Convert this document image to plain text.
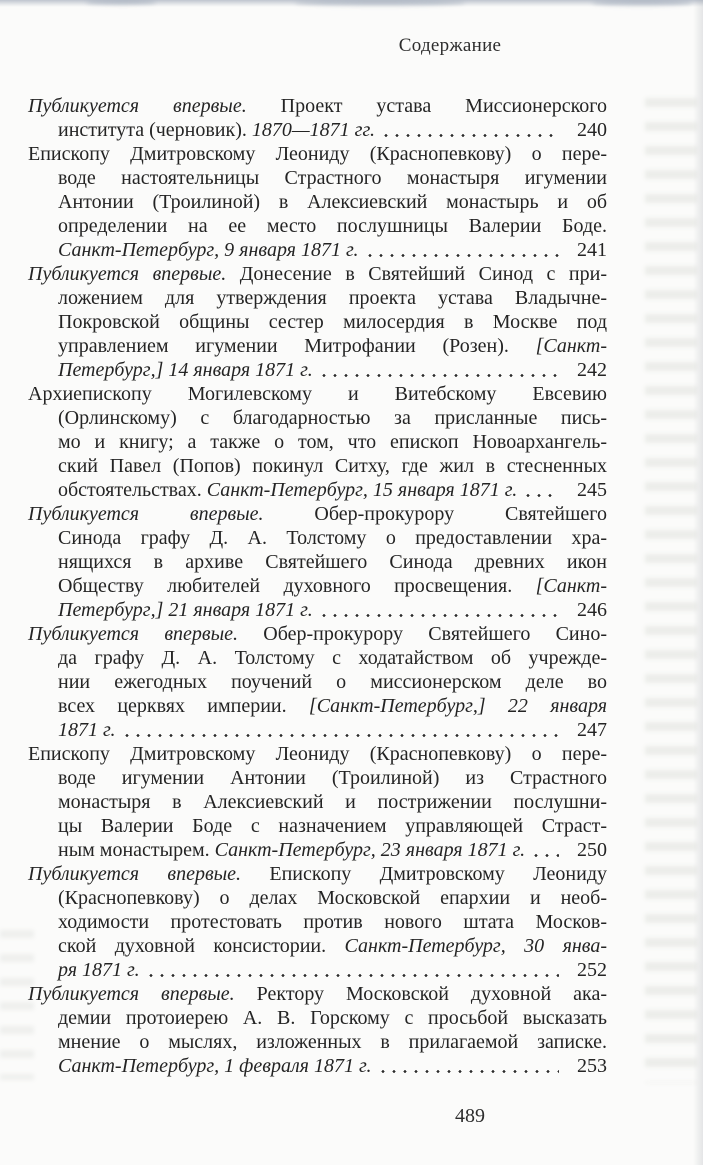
Содержание
Публикуется впервые. Проект устава Миссионерского
института (черновик). 1870—1871 гг.	240
Епископу Дмитровскому Леониду (Краснопевкову) о пере-
воде настоятельницы Страстного монастыря игумении
Антонии (Троилиной) в Алексиевский монастырь и об
определении на ее место послушницы Валерии Боде.
Санкт-Петербург, 9 января 1871 г.	241
Публикуется впервые. Донесение в Святейший Синод с при-
ложением для утверждения проекта устава Владычне-
Покровской общины сестер милосердия в Москве под
управлением игумении Митрофании (Розен). [Санкт-
Петербург,] 14 января 1871 г.	242
Архиепископу Могилевскому и Витебскому Евсевию
(Орлинскому) с благодарностью за присланные пись-
мо и книгу; а также о том, что епископ Новоархангель-
ский Павел (Попов) покинул Ситху, где жил в стесненных
обстоятельствах. Санкт-Петербург, 15 января 1871 г.	245
Публикуется впервые. Обер-прокурору Святейшего
Синода графу Д. А. Толстому о предоставлении хра-
нящихся в архиве Святейшего Синода древних икон
Обществу любителей духовного просвещения. [Санкт-
Петербург,] 21 января 1871 г.	246
Публикуется впервые. Обер-прокурору Святейшего Сино-
да графу Д. А. Толстому с ходатайством об учрежде-
нии ежегодных поучений о миссионерском деле во
всех церквях империи. [Санкт-Петербург,] 22 января
1871 г.	247
Епископу Дмитровскому Леониду (Краснопевкову) о пере-
воде игумении Антонии (Троилиной) из Страстного
монастыря в Алексиевский и пострижении послушни-
цы Валерии Боде с назначением управляющей Страст-
ным монастырем. Санкт-Петербург, 23 января 1871 г.	250
Публикуется впервые. Епископу Дмитровскому Леониду
(Краснопевкову) о делах Московской епархии и необ-
ходимости протестовать против нового штата Москов-
ской духовной консистории. Санкт-Петербург, 30 янва-
ря 1871 г.	252
Публикуется впервые. Ректору Московской духовной ака-
демии протоиерею А. В. Горскому с просьбой высказать
мнение о мыслях, изложенных в прилагаемой записке.
Санкт-Петербург, 1 февраля 1871 г.	253
489
